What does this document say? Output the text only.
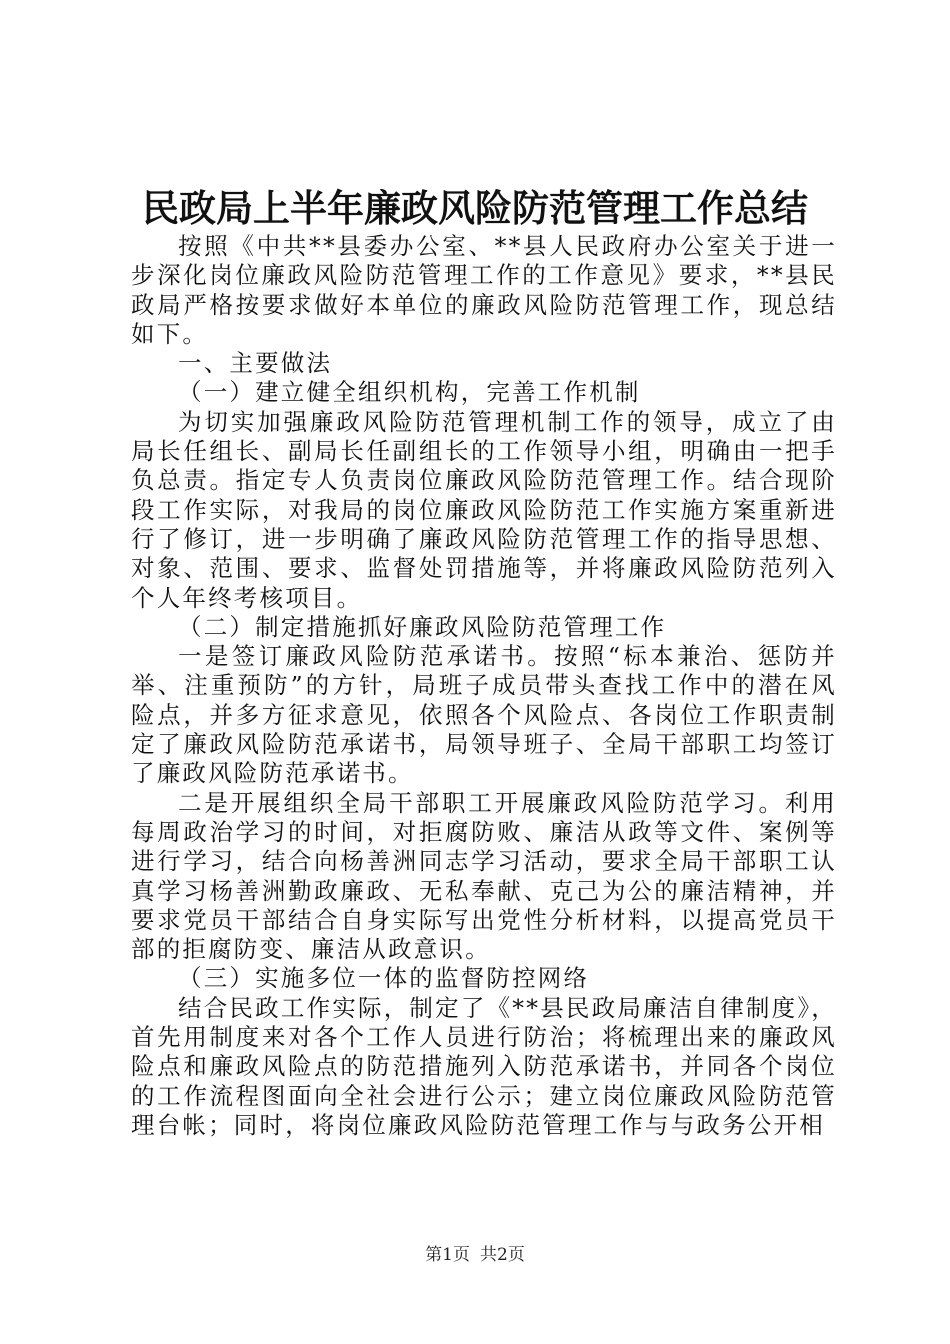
民政局上半年廉政风险防范管理工作总结

按照《中共**县委办公室、**县人民政府办公室关于进一步深化岗位廉政风险防范管理工作的工作意见》要求，**县民政局严格按要求做好本单位的廉政风险防范管理工作，现总结如下。

一、主要做法

（一）建立健全组织机构，完善工作机制

为切实加强廉政风险防范管理机制工作的领导，成立了由局长任组长、副局长任副组长的工作领导小组，明确由一把手负总责。指定专人负责岗位廉政风险防范管理工作。结合现阶段工作实际，对我局的岗位廉政风险防范工作实施方案重新进行了修订，进一步明确了廉政风险防范管理工作的指导思想、对象、范围、要求、监督处罚措施等，并将廉政风险防范列入个人年终考核项目。

（二）制定措施抓好廉政风险防范管理工作

一是签订廉政风险防范承诺书。按照“标本兼治、惩防并举、注重预防”的方针，局班子成员带头查找工作中的潜在风险点，并多方征求意见，依照各个风险点、各岗位工作职责制定了廉政风险防范承诺书，局领导班子、全局干部职工均签订了廉政风险防范承诺书。

二是开展组织全局干部职工开展廉政风险防范学习。利用每周政治学习的时间，对拒腐防败、廉洁从政等文件、案例等进行学习，结合向杨善洲同志学习活动，要求全局干部职工认真学习杨善洲勤政廉政、无私奉献、克己为公的廉洁精神，并要求党员干部结合自身实际写出党性分析材料，以提高党员干部的拒腐防变、廉洁从政意识。

（三）实施多位一体的监督防控网络

结合民政工作实际，制定了《**县民政局廉洁自律制度》，首先用制度来对各个工作人员进行防治；将梳理出来的廉政风险点和廉政风险点的防范措施列入防范承诺书，并同各个岗位的工作流程图面向全社会进行公示；建立岗位廉政风险防范管理台帐；同时，将岗位廉政风险防范管理工作与与政务公开相

第1页 共2页
